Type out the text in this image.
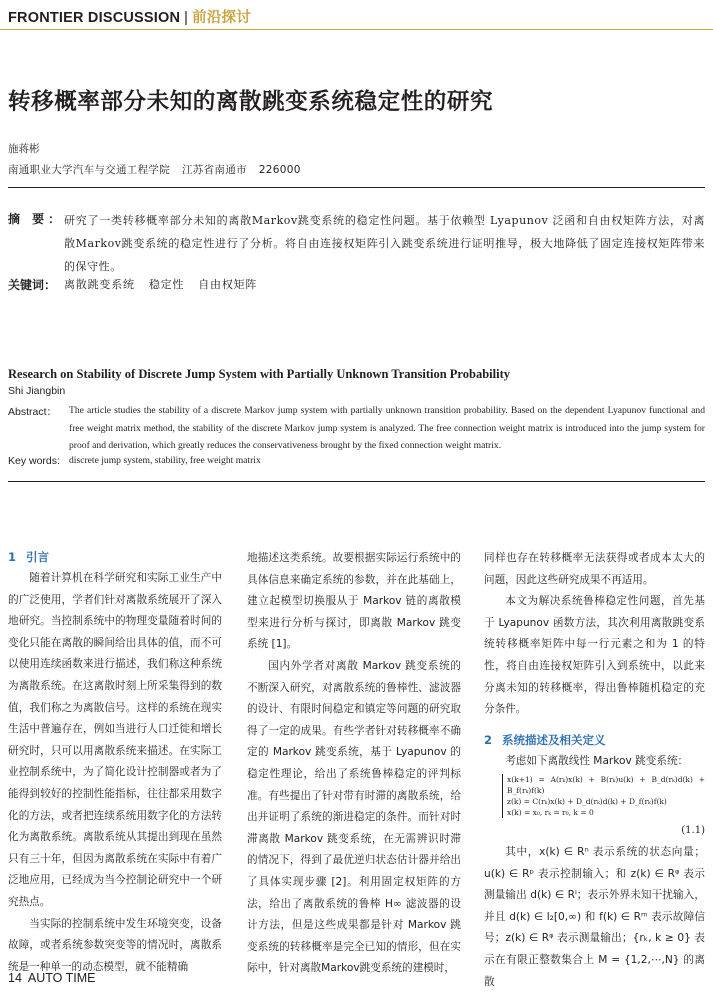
FRONTIER DISCUSSION | 前沿探讨
转移概率部分未知的离散跳变系统稳定性的研究
施蒋彬
南通职业大学汽车与交通工程学院 江苏省南通市 226000
摘 要： 研究了一类转移概率部分未知的离散Markov跳变系统的稳定性问题。基于依赖型 Lyapunov 泛函和自由权矩阵方法，对离散Markov跳变系统的稳定性进行了分析。将自由连接权矩阵引入跳变系统进行证明推导，极大地降低了固定连接权矩阵带来的保守性。
关键词： 离散跳变系统 稳定性 自由权矩阵
Research on Stability of Discrete Jump System with Partially Unknown Transition Probability
Shi Jiangbin
Abstract： The article studies the stability of a discrete Markov jump system with partially unknown transition probability. Based on the dependent Lyapunov functional and free weight matrix method, the stability of the discrete Markov jump system is analyzed. The free connection weight matrix is introduced into the jump system for proof and derivation, which greatly reduces the conservativeness brought by the fixed connection weight matrix.
Key words: discrete jump system, stability, free weight matrix

1 引言

随着计算机在科学研究和实际工业生产中的广泛使用，学者们针对离散系统展开了深入地研究。当控制系统中的物理变量随着时间的变化只能在离散的瞬间给出具体的值，而不可以使用连续函数来进行描述，我们称这种系统为离散系统。在这离散时刻上所采集得到的数值，我们称之为离散信号。这样的系统在现实生活中普遍存在，例如当进行人口迁徙和增长研究时，只可以用离散系统来描述。在实际工业控制系统中，为了简化设计控制器或者为了能得到较好的控制性能指标，往往都采用数字化的方法，或者把连续系统用数字化的方法转化为离散系统。离散系统从其提出到现在虽然只有三十年，但因为离散系统在实际中有着广泛地应用，已经成为当今控制论研究中一个研究热点。

当实际的控制系统中发生环境突变，设备故障，或者系统参数突变等的情况时，离散系统是一种单一的动态模型，就不能精确

地描述这类系统。故要根据实际运行系统中的具体信息来确定系统的参数，并在此基础上，建立起模型切换服从于 Markov 链的离散模型来进行分析与探讨，即离散 Markov 跳变系统 [1]。

国内外学者对离散 Markov 跳变系统的不断深入研究，对离散系统的鲁棒性、滤波器的设计、有限时间稳定和镇定等问题的研究取得了一定的成果。有些学者针对转移概率不确定的 Markov 跳变系统，基于 Lyapunov 的稳定性理论，给出了系统鲁棒稳定的评判标准。有些提出了针对带有时滞的离散系统，给出并证明了系统的渐进稳定的条件。而针对时滞离散 Markov 跳变系统，在无需辨识时滞的情况下，得到了最优逆归状态估计器并给出了具体实现步骤 [2]。利用固定权矩阵的方法，给出了离散系统的鲁棒 H∞ 滤波器的设计方法，但是这些成果都是针对 Markov 跳变系统的转移概率是完全已知的情形，但在实际中，针对离散Markov跳变系统的建模时，

同样也存在转移概率无法获得或者成本太大的问题，因此这些研究成果不再适用。

本文为解决系统鲁棒稳定性问题，首先基于 Lyapunov 函数方法，其次利用离散跳变系统转移概率矩阵中每一行元素之和为 1 的特性，将自由连接权矩阵引入到系统中，以此来分离未知的转移概率，得出鲁棒随机稳定的充分条件。

2 系统描述及相关定义

考虑如下离散线性 Markov 跳变系统：

x(k+1) = A(rₖ)x(k) + B(rₖ)u(k) + B_d(rₖ)d(k) + B_f(rₖ)f(k)
z(k) = C(rₖ)x(k) + D_d(rₖ)d(k) + D_f(rₖ)f(k)
x(k) = x₀, rₖ = r₀, k = 0

(1.1)

其中，x(k) ∈ Rⁿ 表示系统的状态向量；u(k) ∈ Rᵖ 表示控制输入；和 z(k) ∈ Rᵠ 表示测量输出 d(k) ∈ Rˡ；表示外界未知干扰输入，并且 d(k) ∈ l₂[0,∞) 和 f(k) ∈ Rᵐ 表示故障信号；z(k) ∈ Rᵠ 表示测量输出；{rₖ, k ≥ 0} 表示在有限正整数集合上 M = {1,2,⋯,N} 的离散

14 AUTO TIME
